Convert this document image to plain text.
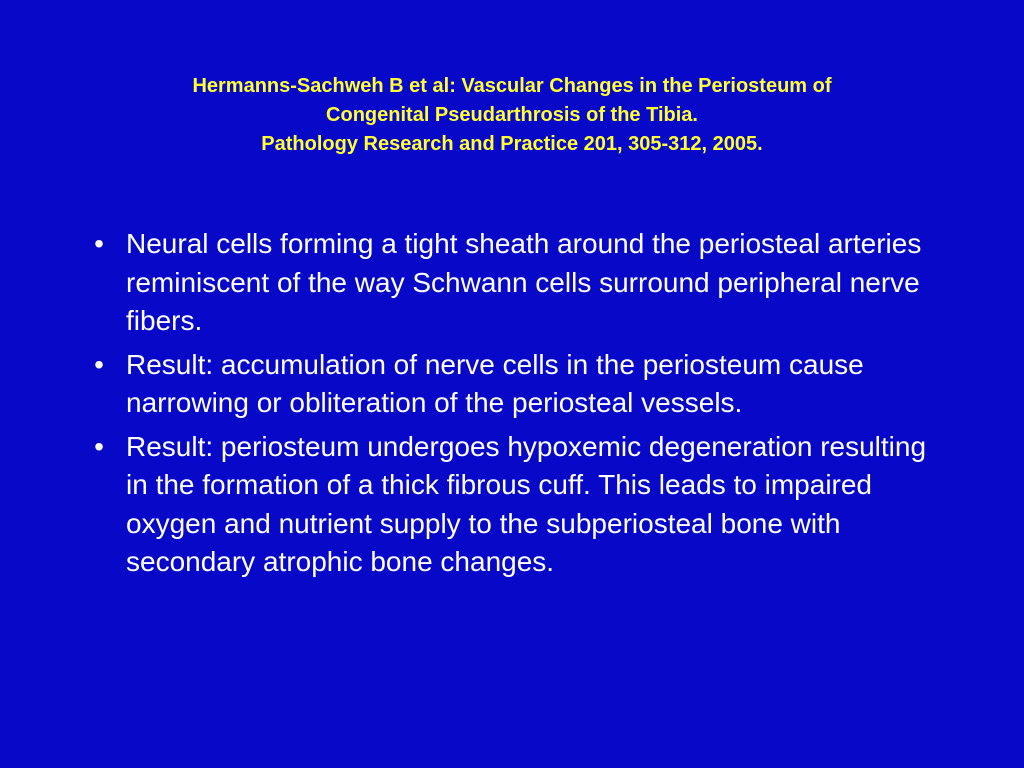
Hermanns-Sachweh B et al: Vascular Changes in the Periosteum of
Congenital Pseudarthrosis of the Tibia.
Pathology Research and Practice 201, 305-312, 2005.
• Neural cells forming a tight sheath around the periosteal arteries reminiscent of the way Schwann cells surround peripheral nerve fibers.
• Result: accumulation of nerve cells in the periosteum cause narrowing or obliteration of the periosteal vessels.
• Result: periosteum undergoes hypoxemic degeneration resulting in the formation of a thick fibrous cuff. This leads to impaired oxygen and nutrient supply to the subperiosteal bone with secondary atrophic bone changes.
